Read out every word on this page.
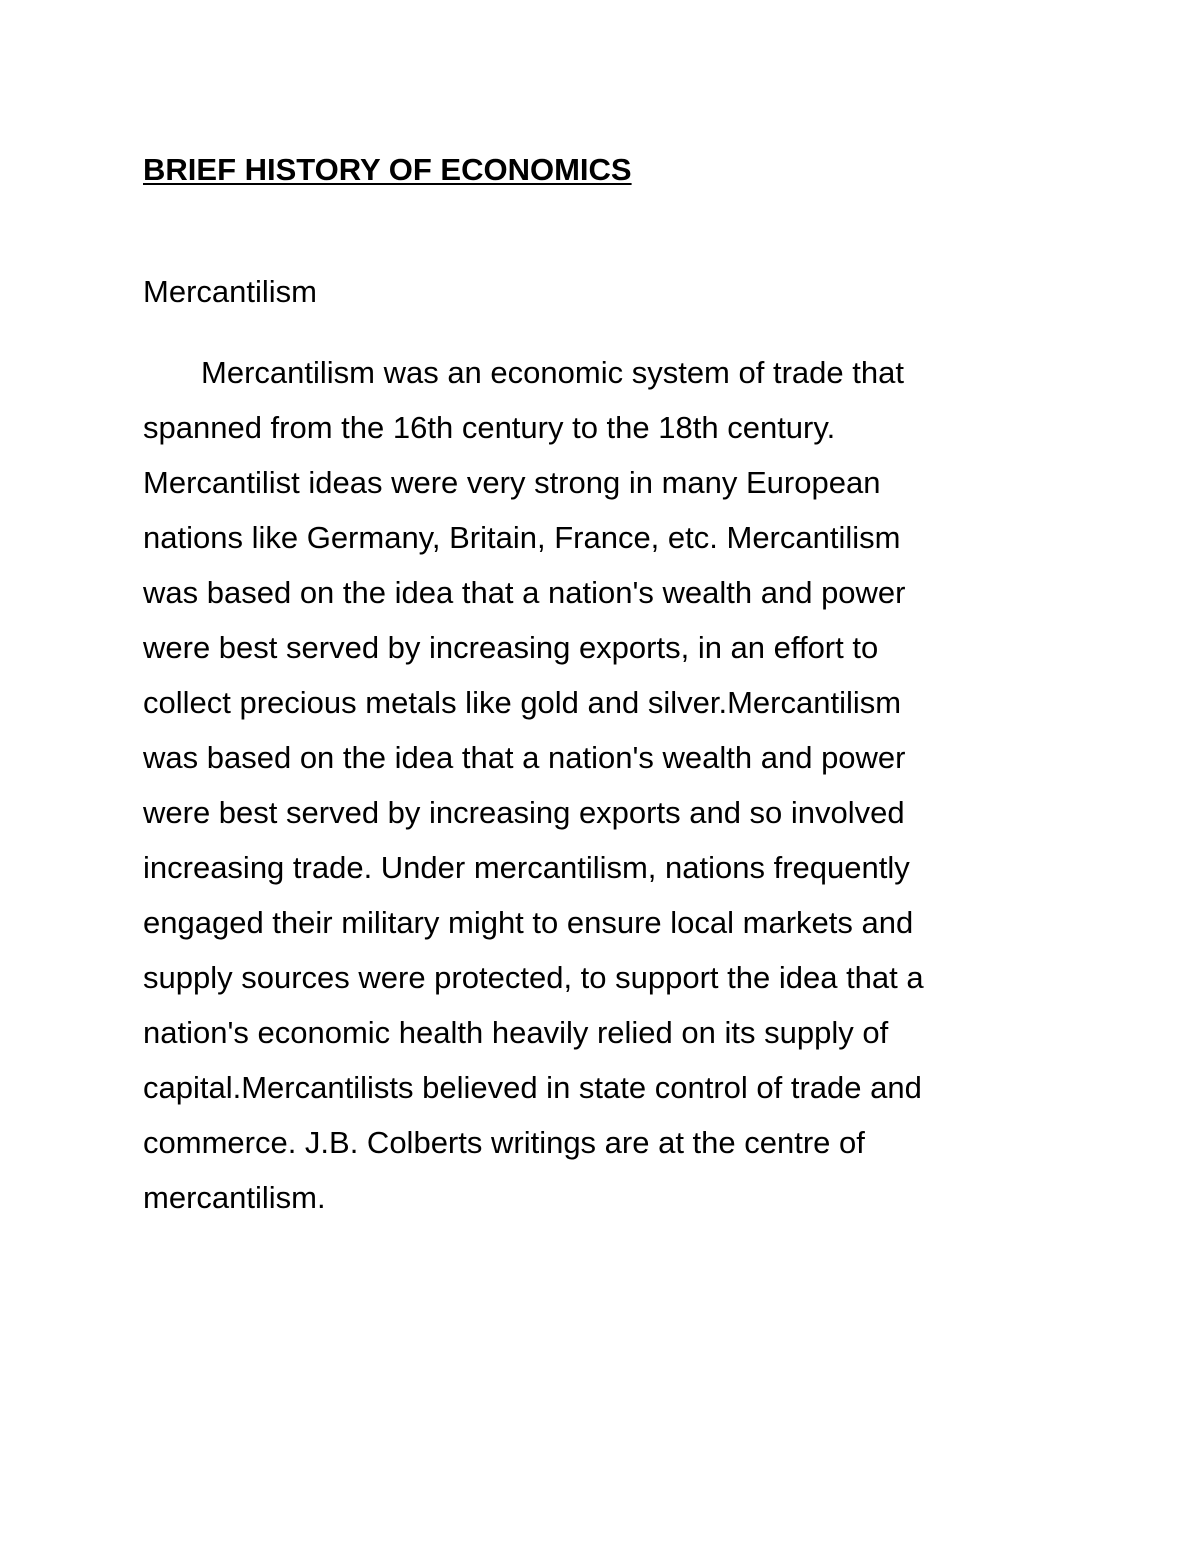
BRIEF HISTORY OF ECONOMICS
Mercantilism
Mercantilism was an economic system of trade that
spanned from the 16th century to the 18th century.
Mercantilist ideas were very strong in many European
nations like Germany, Britain, France, etc. Mercantilism
was based on the idea that a nation's wealth and power
were best served by increasing exports, in an effort to
collect precious metals like gold and silver.Mercantilism
was based on the idea that a nation's wealth and power
were best served by increasing exports and so involved
increasing trade. Under mercantilism, nations frequently
engaged their military might to ensure local markets and
supply sources were protected, to support the idea that a
nation's economic health heavily relied on its supply of
capital.Mercantilists believed in state control of trade and
commerce. J.B. Colberts writings are at the centre of
mercantilism.
